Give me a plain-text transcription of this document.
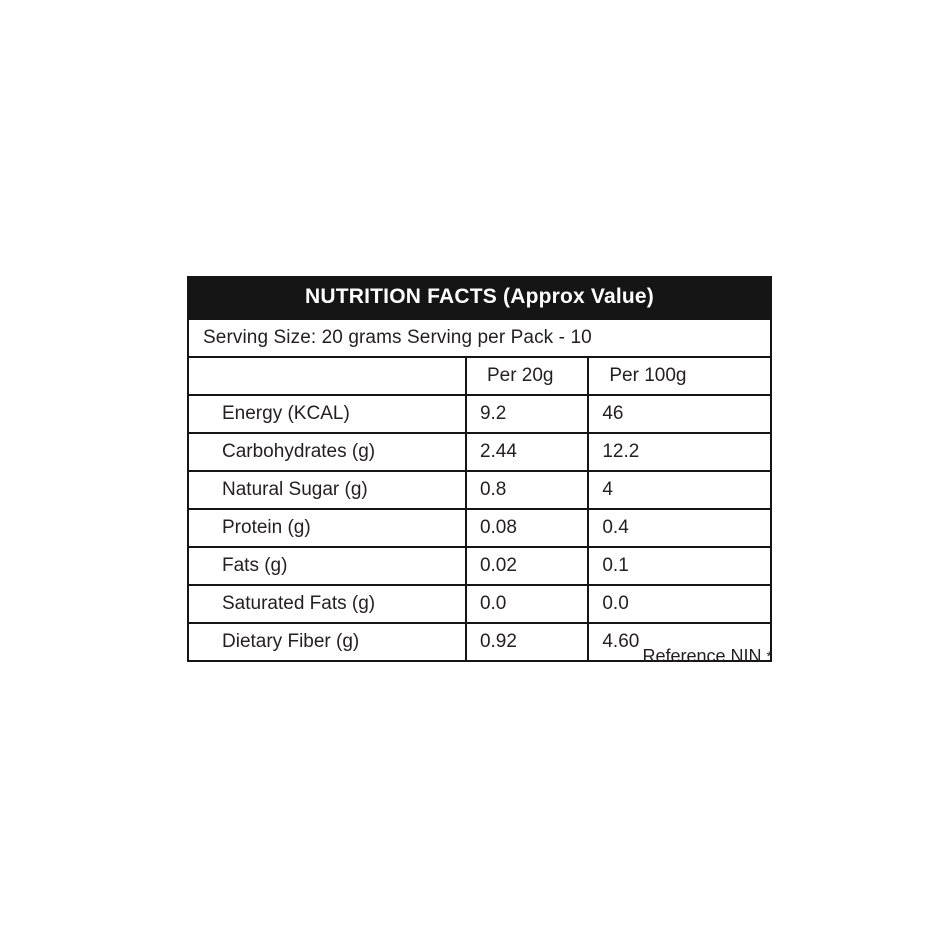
NUTRITION FACTS (Approx Value)
Serving Size: 20 grams Serving per Pack - 10		
	Per 20g	Per 100g
Energy (KCAL)	9.2	46
Carbohydrates (g)	2.44	12.2
Natural Sugar (g)	0.8	4
Protein (g)	0.08	0.4
Fats (g)	0.02	0.1
Saturated Fats (g)	0.0	0.0
Dietary Fiber (g)	0.92	4.60
Reference NIN *
